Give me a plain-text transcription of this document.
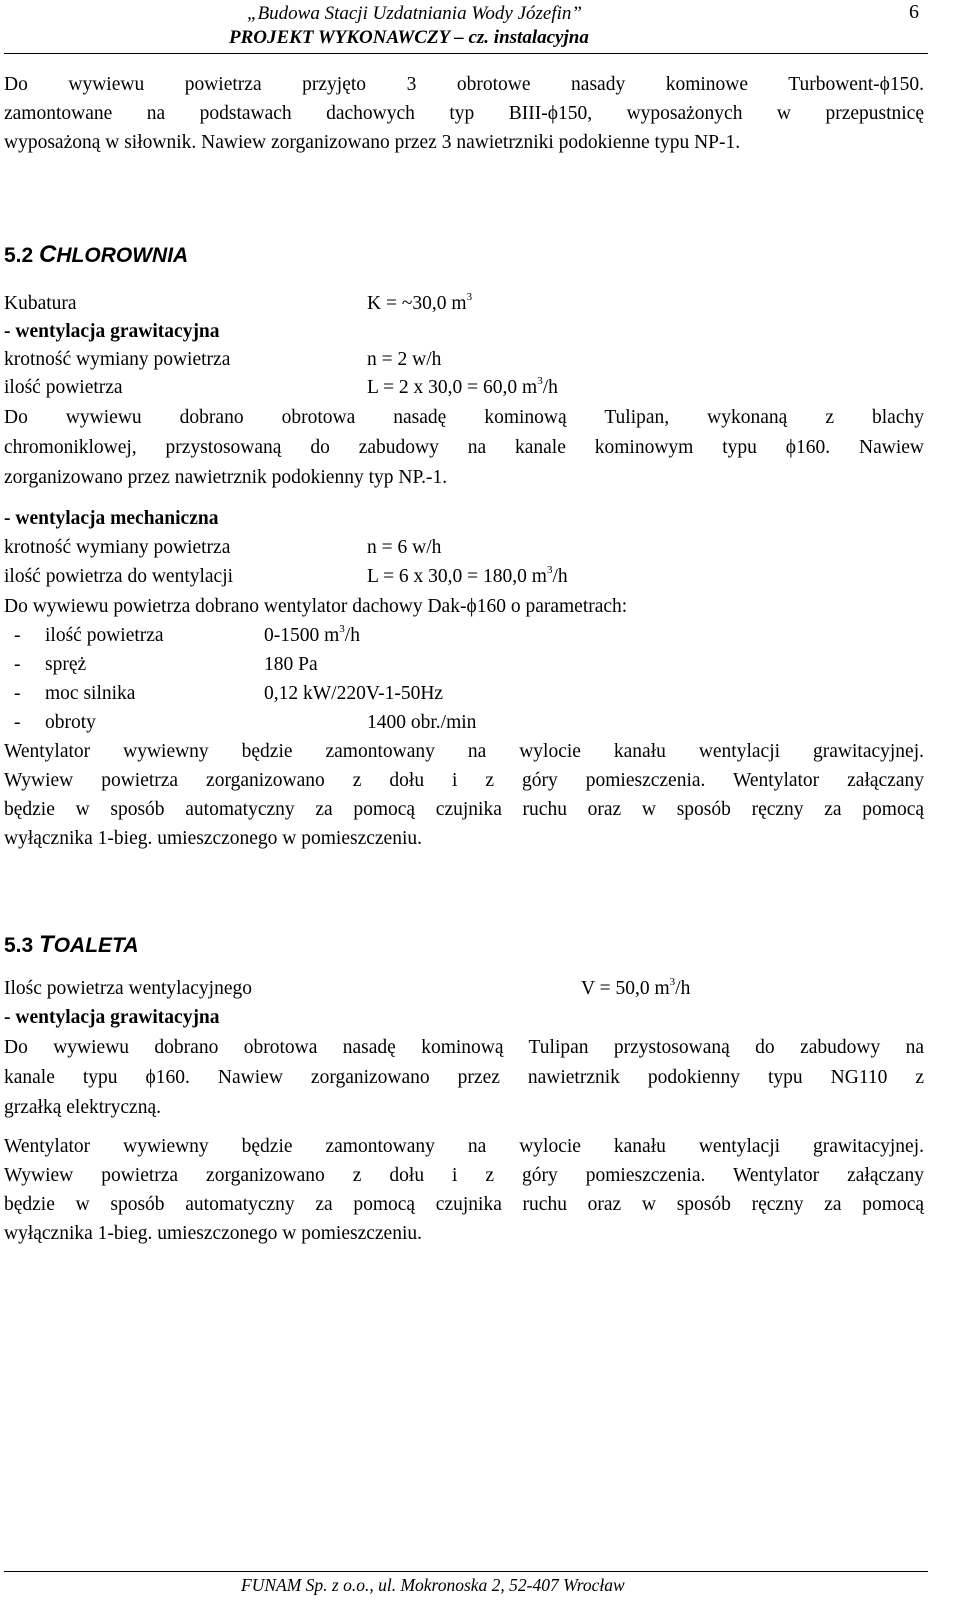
„Budowa Stacji Uzdatniania Wody Józefin”
PROJEKT WYKONAWCZY – cz. instalacyjna
6
Do wywiewu powietrza przyjęto 3 obrotowe nasady kominowe Turbowent-ϕ150.
zamontowane na podstawach dachowych typ BIII-ϕ150, wyposażonych w przepustnicę
wyposażoną w siłownik. Nawiew zorganizowano przez 3 nawietrzniki podokienne typu NP-1.
5.2 CHLOROWNIA
Kubatura	K = ~30,0 $m^3$
- wentylacja grawitacyjna
krotność wymiany powietrza	n = 2 w/h
ilość powietrza	L = 2 x 30,0 = 60,0 $m^3/h$
Do wywiewu dobrano obrotowa nasadę kominową Tulipan, wykonaną z blachy
chromoniklowej, przystosowaną do zabudowy na kanale kominowym typu ϕ160. Nawiew
zorganizowano przez nawietrznik podokienny typ NP.-1.
- wentylacja mechaniczna
krotność wymiany powietrza	n = 6 w/h
ilość powietrza do wentylacji	L = 6 x 30,0 = 180,0 $m^3/h$
Do wywiewu powietrza dobrano wentylator dachowy Dak-ϕ160 o parametrach:
- ilość powietrza	0-1500 $m^3/h$
- spręż	180 Pa
- moc silnika	0,12 kW/220V-1-50Hz
- obroty	1400 obr./min
Wentylator wywiewny będzie zamontowany na wylocie kanału wentylacji grawitacyjnej.
Wywiew powietrza zorganizowano z dołu i z góry pomieszczenia. Wentylator załączany
będzie w sposób automatyczny za pomocą czujnika ruchu oraz w sposób ręczny za pomocą
wyłącznika 1-bieg. umieszczonego w pomieszczeniu.
5.3 TOALETA
Ilośc powietrza wentylacyjnego	V = 50,0 $m^3/h$
- wentylacja grawitacyjna
Do wywiewu dobrano obrotowa nasadę kominową Tulipan przystosowaną do zabudowy na
kanale typu ϕ160. Nawiew zorganizowano przez nawietrznik podokienny typu NG110 z
grzałką elektryczną.
Wentylator wywiewny będzie zamontowany na wylocie kanału wentylacji grawitacyjnej.
Wywiew powietrza zorganizowano z dołu i z góry pomieszczenia. Wentylator załączany
będzie w sposób automatyczny za pomocą czujnika ruchu oraz w sposób ręczny za pomocą
wyłącznika 1-bieg. umieszczonego w pomieszczeniu.
FUNAM Sp. z o.o., ul. Mokronoska 2, 52-407 Wrocław
